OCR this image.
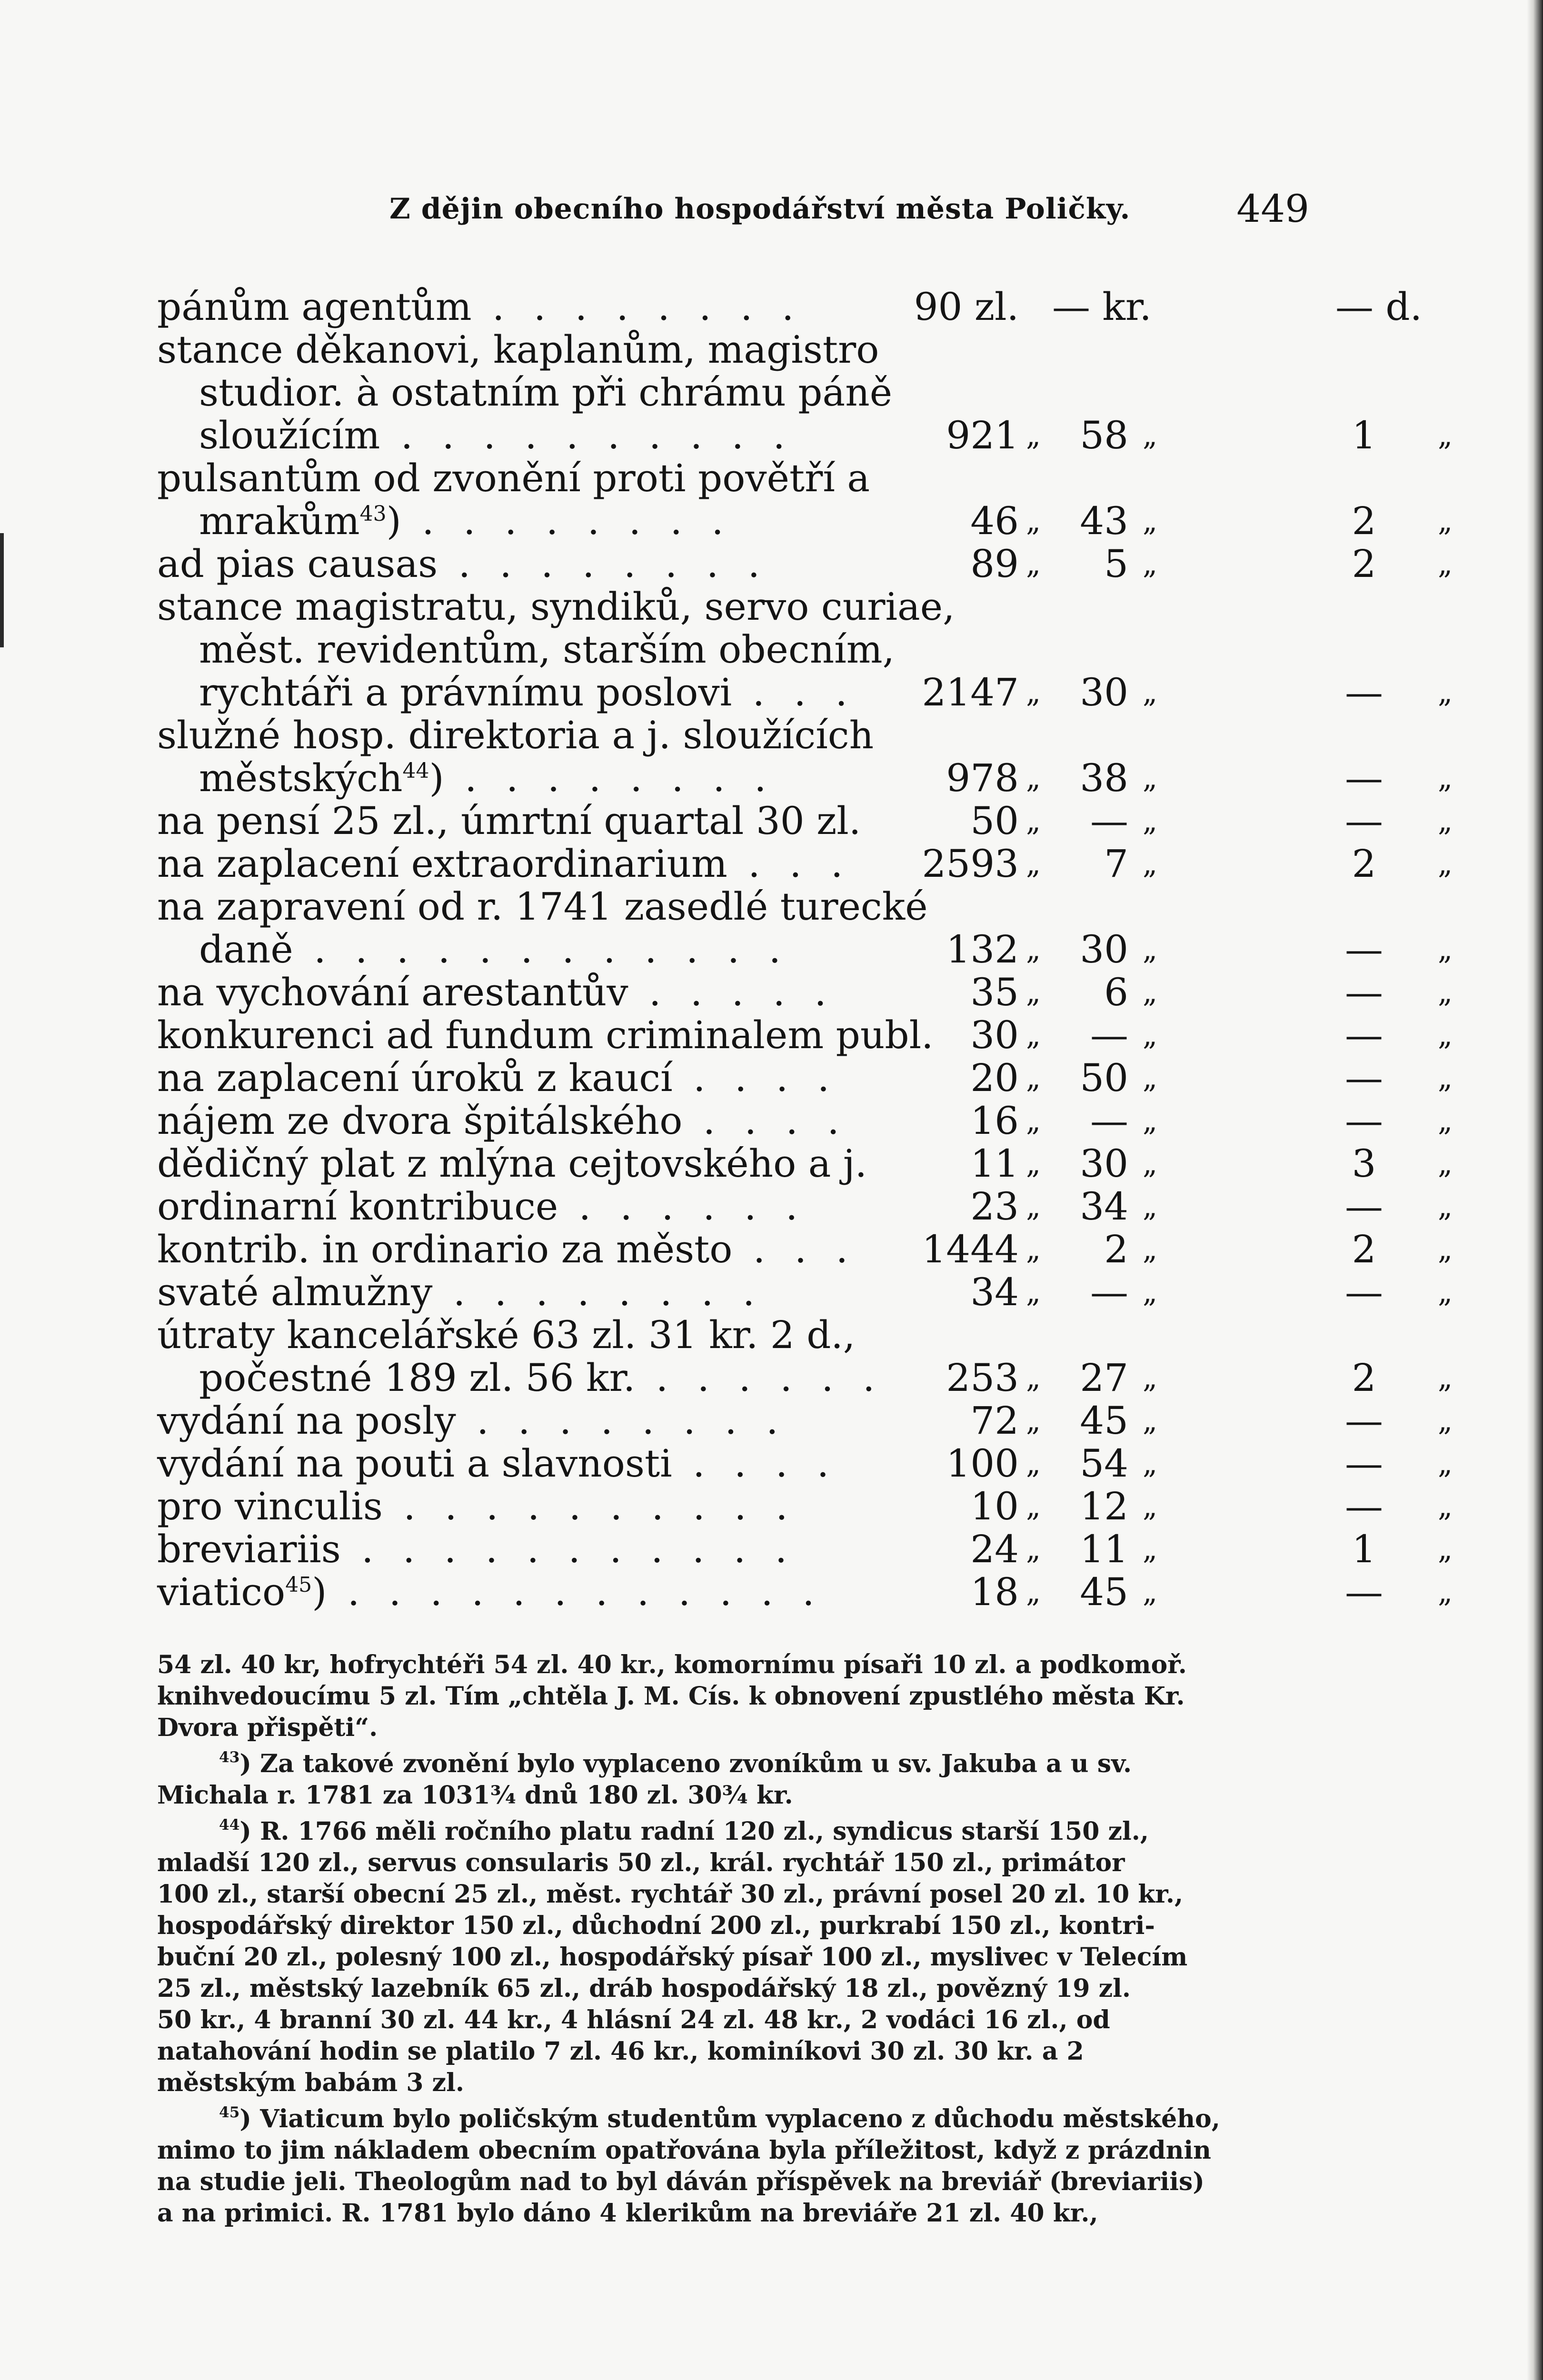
Z dějin obecního hospodářství města Poličky.	449
pánům agentům . . . . . . . .	90 zl. — kr.	— d.
stance děkanovi, kaplanům, magistro
studior. à ostatním při chrámu páně
sloužícím . . . . . . . . . .	921 „	58 „	1	„
pulsantům od zvonění proti povětří a
mrakům$^{43}$) . . . . . . . .	46 „	43 „	2	„
ad pias causas . . . . . . . .	89 „	5 „	2	„
stance magistratu, syndiků, servo curiae,
měst. revidentům, starším obecním,
rychtáři a právnímu poslovi . . .	2147 „	30 „	—	„
služné hosp. direktoria a j. sloužících
městských$^{44}$) . . . . . . . .	978 „	38 „	—	„
na pensí 25 zl., úmrtní quartal 30 zl.	50 „	— „	—	„
na zaplacení extraordinarium . . .	2593 „	7 „	2	„
na zapravení od r. 1741 zasedlé turecké
daně . . . . . . . . . . . .	132 „	30 „	—	„
na vychování arestantův . . . . .	35 „	6 „	—	„
konkurenci ad fundum criminalem publ. 30 „	— „	—	„
na zaplacení úroků z kaucí . . . .	20 „	50 „	—	„
nájem ze dvora špitálského . . . .	16 „	— „	—	„
dědičný plat z mlýna cejtovského a j.	11 „	30 „	3	„
ordinarní kontribuce . . . . . .	23 „	34 „	—	„
kontrib. in ordinario za město . . .	1444 „	2 „	2	„
svaté almužny . . . . . . . .	34 „	— „	—	„
útraty kancelářské 63 zl. 31 kr. 2 d.,
počestné 189 zl. 56 kr. . . . . . .	253 „	27 „	2	„
vydání na posly . . . . . . . .	72 „	45 „	—	„
vydání na pouti a slavnosti . . . .	100 „	54 „	—	„
pro vinculis . . . . . . . . . .	10 „	12 „	—	„
breviariis . . . . . . . . . . .	24 „	11 „	1	„
viatico$^{45}$) . . . . . . . . . . . .	18 „	45 „	—	„
54 zl. 40 kr, hofrychtéři 54 zl. 40 kr., komornímu písaři 10 zl. a podkomoř.
knihvedoucímu 5 zl. Tím „chtěla J. M. Cís. k obnovení zpustlého města Kr.
Dvora přispěti“.
$^{43}$) Za takové zvonění bylo vyplaceno zvoníkům u sv. Jakuba a u sv.
Michala r. 1781 za 1031¾ dnů 180 zl. 30¾ kr.
$^{44}$) R. 1766 měli ročního platu radní 120 zl., syndicus starší 150 zl.,
mladší 120 zl., servus consularis 50 zl., král. rychtář 150 zl., primátor
100 zl., starší obecní 25 zl., měst. rychtář 30 zl., právní posel 20 zl. 10 kr.,
hospodářský direktor 150 zl., důchodní 200 zl., purkrabí 150 zl., kontri-
buční 20 zl., polesný 100 zl., hospodářský písař 100 zl., myslivec v Telecím
25 zl., městský lazebník 65 zl., dráb hospodářský 18 zl., povězný 19 zl.
50 kr., 4 branní 30 zl. 44 kr., 4 hlásní 24 zl. 48 kr., 2 vodáci 16 zl., od
natahování hodin se platilo 7 zl. 46 kr., kominíkovi 30 zl. 30 kr. a 2
městským babám 3 zl.
$^{45}$) Viaticum bylo poličským studentům vyplaceno z důchodu městského,
mimo to jim nákladem obecním opatřována byla příležitost, když z prázdnin
na studie jeli. Theologům nad to byl dáván příspěvek na breviář (breviariis)
a na primici. R. 1781 bylo dáno 4 klerikům na breviáře 21 zl. 40 kr.,
